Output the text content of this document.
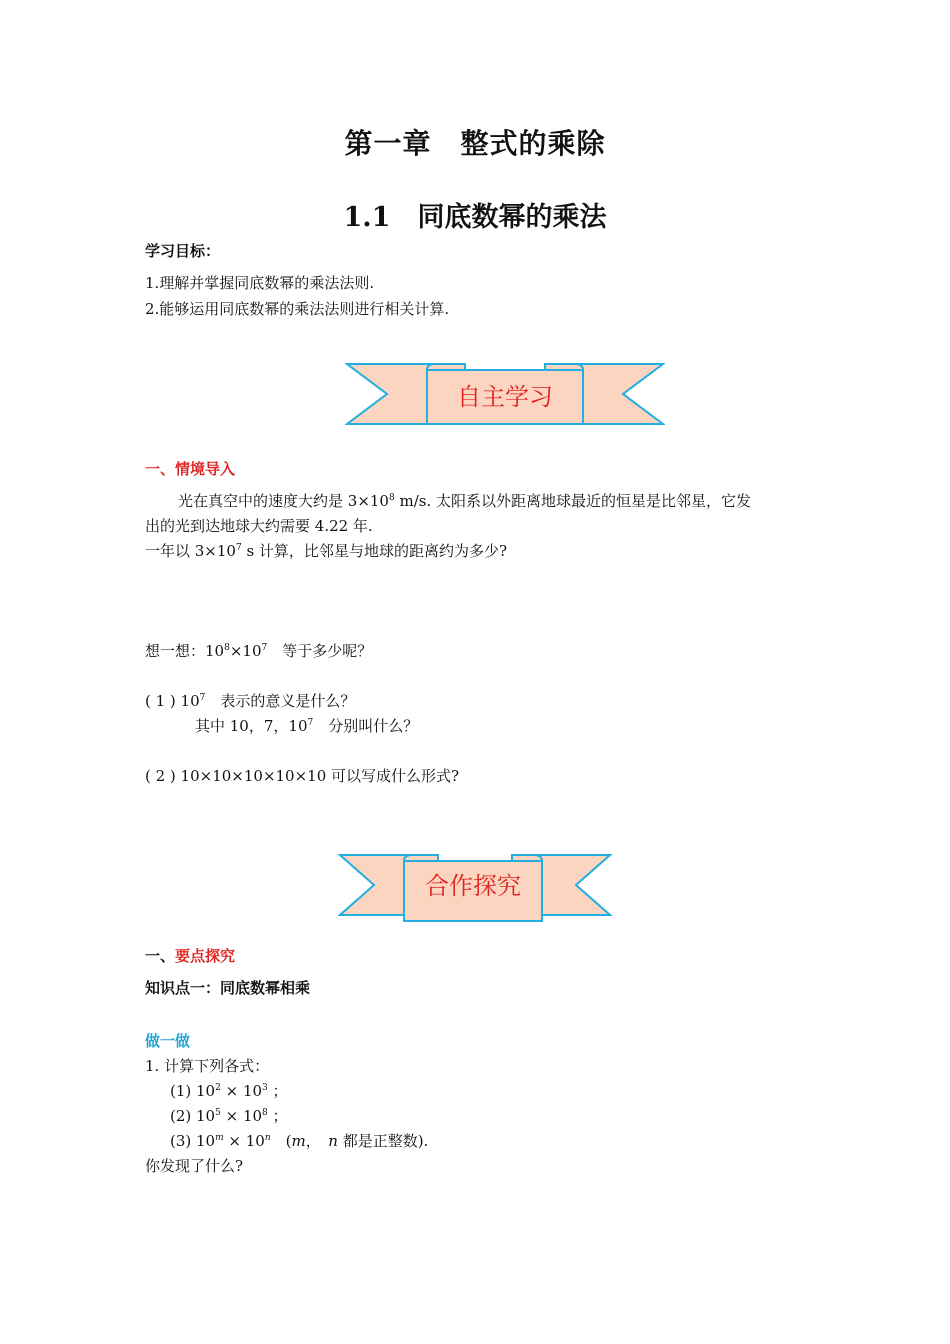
第一章　整式的乘除
1.1　同底数幂的乘法
学习目标：
1.理解并掌握同底数幂的乘法法则.
2.能够运用同底数幂的乘法法则进行相关计算.
自主学习
一、情境导入
光在真空中的速度大约是 $3\times 10^8$ m/s. 太阳系以外距离地球最近的恒星是比邻星，它发
出的光到达地球大约需要 4.22 年.
一年以 $3\times 10^7$ s 计算，比邻星与地球的距离约为多少?
想一想：$10^8\times 10^7$　等于多少呢？
( 1 ) $10^7$　表示的意义是什么？
其中 10，7，$10^7$　分别叫什么？
( 2 ) 10×10×10×10×10 可以写成什么形式?
合作探究
一、要点探究
知识点一：同底数幂相乘
做一做
1. 计算下列各式：
(1) $10^2 \times 10^3$ ；
(2) $10^5 \times 10^8$ ；
(3) $10^m \times 10^n$　(m，　n 都是正整数).
你发现了什么?
